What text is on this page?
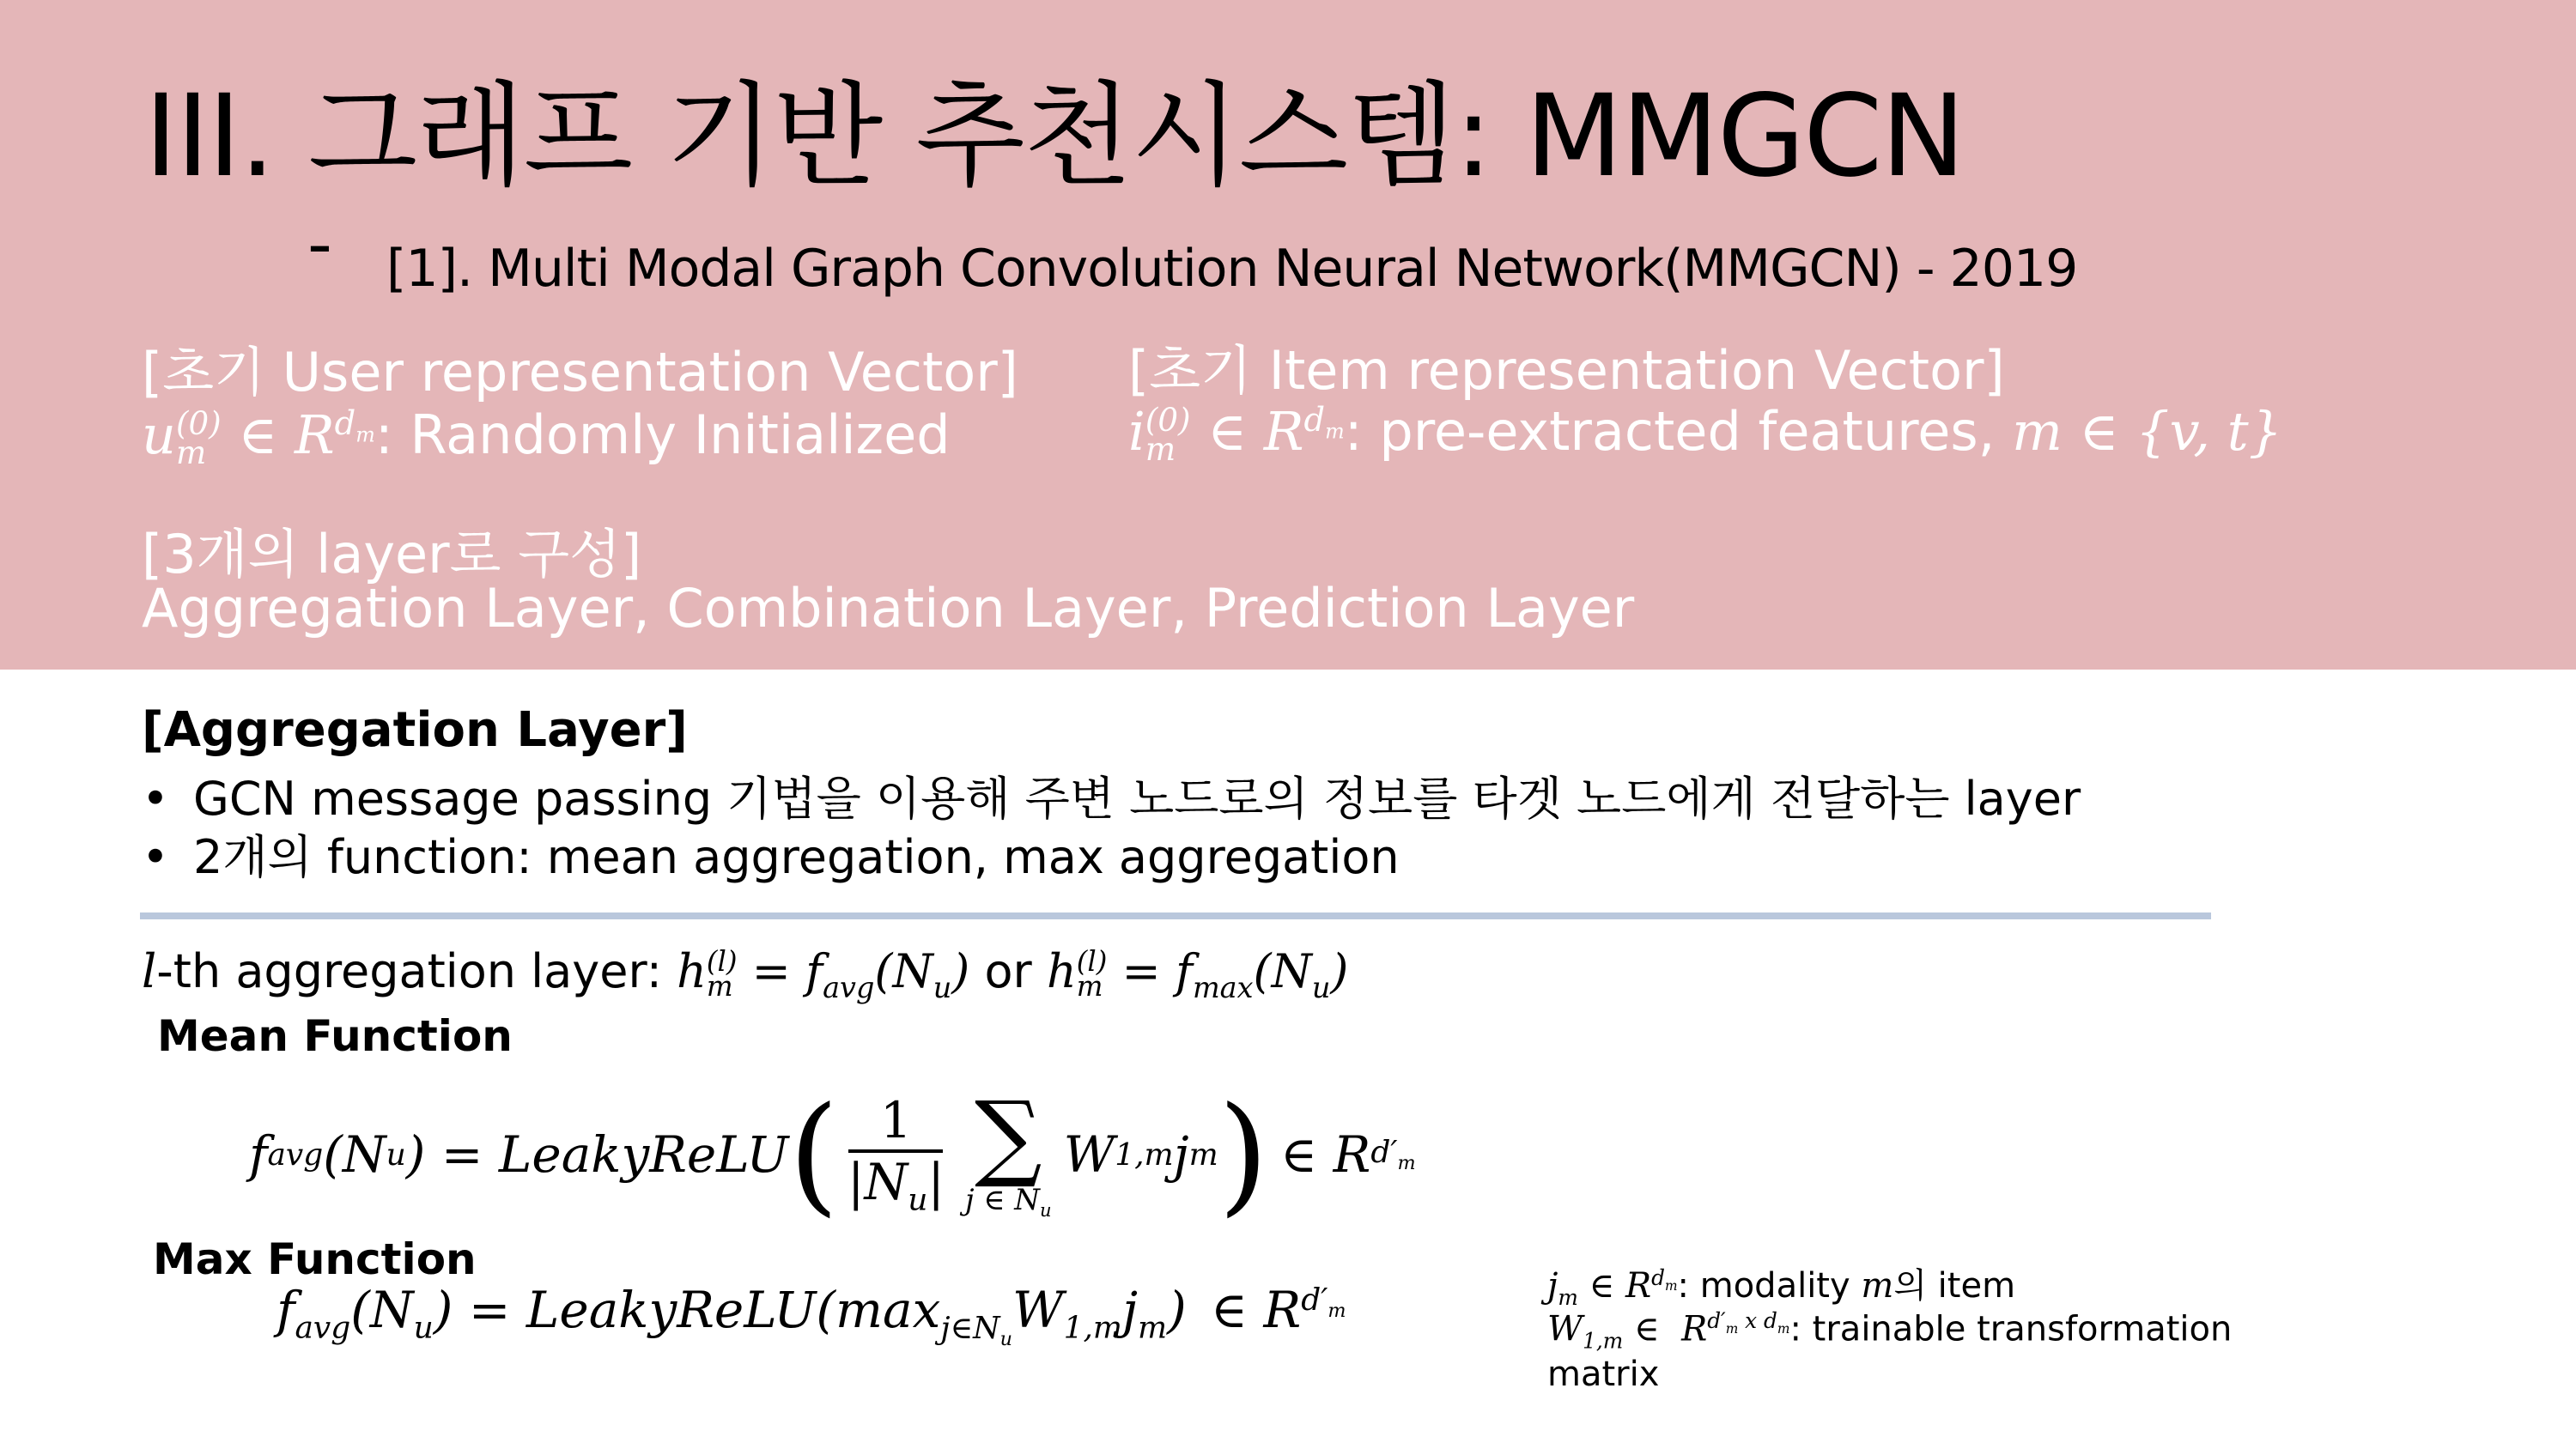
III. 그래프 기반 추천시스템: MMGCN
- [1]. Multi Modal Graph Convolution Neural Network(MMGCN) - 2019
[초기 User representation Vector]
u (0)
m ∈ $R^{d_m}$: Randomly Initialized
[초기 Item representation Vector]
i (0)
m ∈ $R^{d_m}$: pre-extracted features, m ∈ {v, t}
[3개의 layer로 구성]
Aggregation Layer, Combination Layer, Prediction Layer
[Aggregation Layer]
• GCN message passing 기법을 이용해 주변 노드로의 정보를 타겟 노드에게 전달하는 layer
• 2개의 function: mean aggregation, max aggregation
l-th aggregation layer: h (l)
$m = f_{avg}(N_u)$ or h (l)
$m = f_{max}(N_u)$
Mean Function
f avg (N u ) = LeakyReLU ( 1
$|N_u|$ ∑
j ∈ $N_u$
W 1,m j m ) ∈ R $d'_m$
Max Function
$f_{avg}(N_u)$ = $LeakyReLU(\max_{j\in N_u}W_{1,m}j_m)$ ∈ $R^{d'_m}$
$j_m$ ∈ $R^{d_m}$: modality m의 item
$W_{1,m}$ ∈  $R^{d'_m x d_m}$: trainable transformation
matrix
